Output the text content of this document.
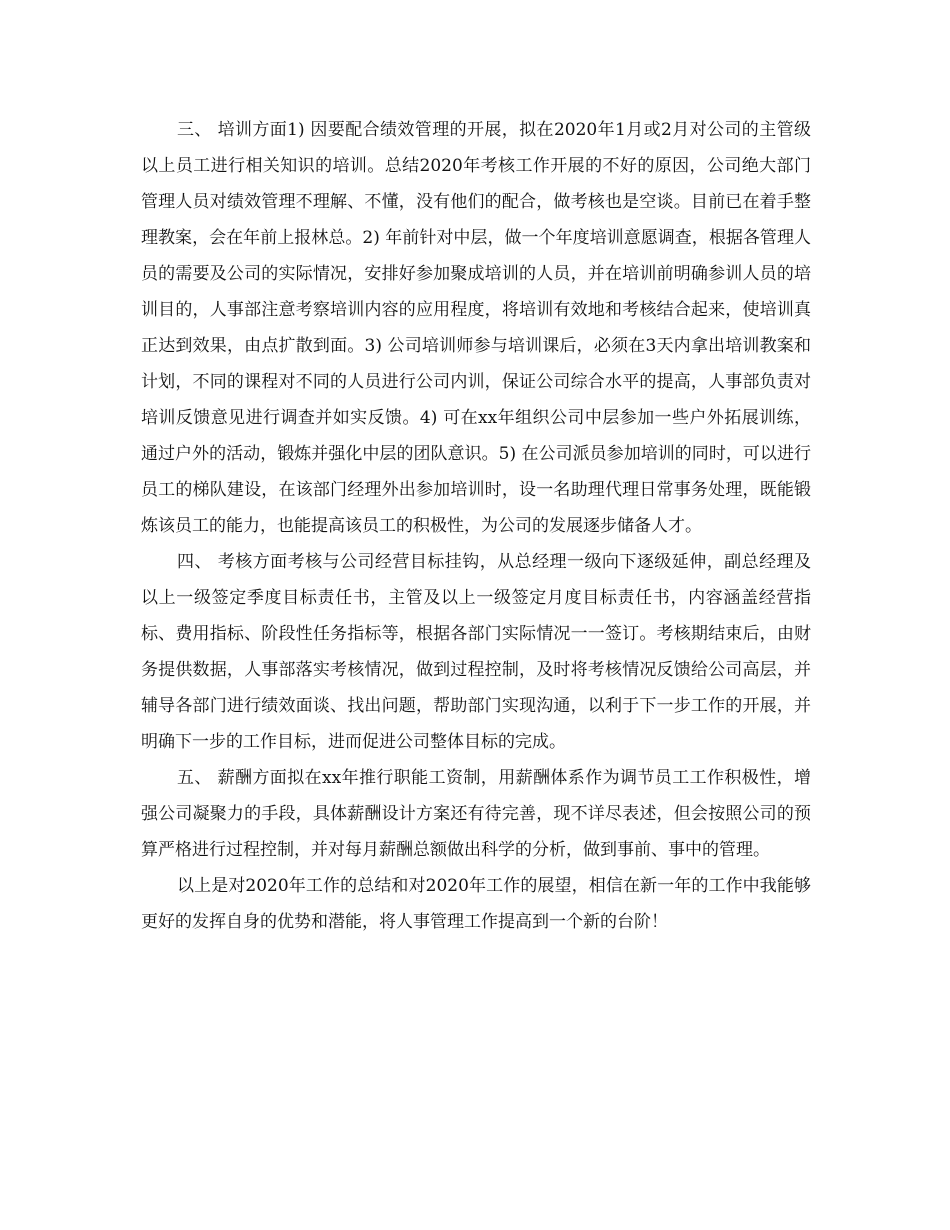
三、 培训方面1) 因要配合绩效管理的开展，拟在2020年1月或2月对公司的主管级以上员工进行相关知识的培训。总结2020年考核工作开展的不好的原因，公司绝大部门管理人员对绩效管理不理解、不懂，没有他们的配合，做考核也是空谈。目前已在着手整理教案，会在年前上报林总。2) 年前针对中层，做一个年度培训意愿调查，根据各管理人员的需要及公司的实际情况，安排好参加聚成培训的人员，并在培训前明确参训人员的培训目的，人事部注意考察培训内容的应用程度，将培训有效地和考核结合起来，使培训真正达到效果，由点扩散到面。3) 公司培训师参与培训课后，必须在3天内拿出培训教案和计划，不同的课程对不同的人员进行公司内训，保证公司综合水平的提高，人事部负责对培训反馈意见进行调查并如实反馈。4) 可在xx年组织公司中层参加一些户外拓展训练，通过户外的活动，锻炼并强化中层的团队意识。5) 在公司派员参加培训的同时，可以进行员工的梯队建设，在该部门经理外出参加培训时，设一名助理代理日常事务处理，既能锻炼该员工的能力，也能提高该员工的积极性，为公司的发展逐步储备人才。

四、 考核方面考核与公司经营目标挂钩，从总经理一级向下逐级延伸，副总经理及以上一级签定季度目标责任书，主管及以上一级签定月度目标责任书，内容涵盖经营指标、费用指标、阶段性任务指标等，根据各部门实际情况一一签订。考核期结束后，由财务提供数据，人事部落实考核情况，做到过程控制，及时将考核情况反馈给公司高层，并辅导各部门进行绩效面谈、找出问题，帮助部门实现沟通，以利于下一步工作的开展，并明确下一步的工作目标，进而促进公司整体目标的完成。

五、 薪酬方面拟在xx年推行职能工资制，用薪酬体系作为调节员工工作积极性，增强公司凝聚力的手段，具体薪酬设计方案还有待完善，现不详尽表述，但会按照公司的预算严格进行过程控制，并对每月薪酬总额做出科学的分析，做到事前、事中的管理。

以上是对2020年工作的总结和对2020年工作的展望，相信在新一年的工作中我能够更好的发挥自身的优势和潜能，将人事管理工作提高到一个新的台阶！
